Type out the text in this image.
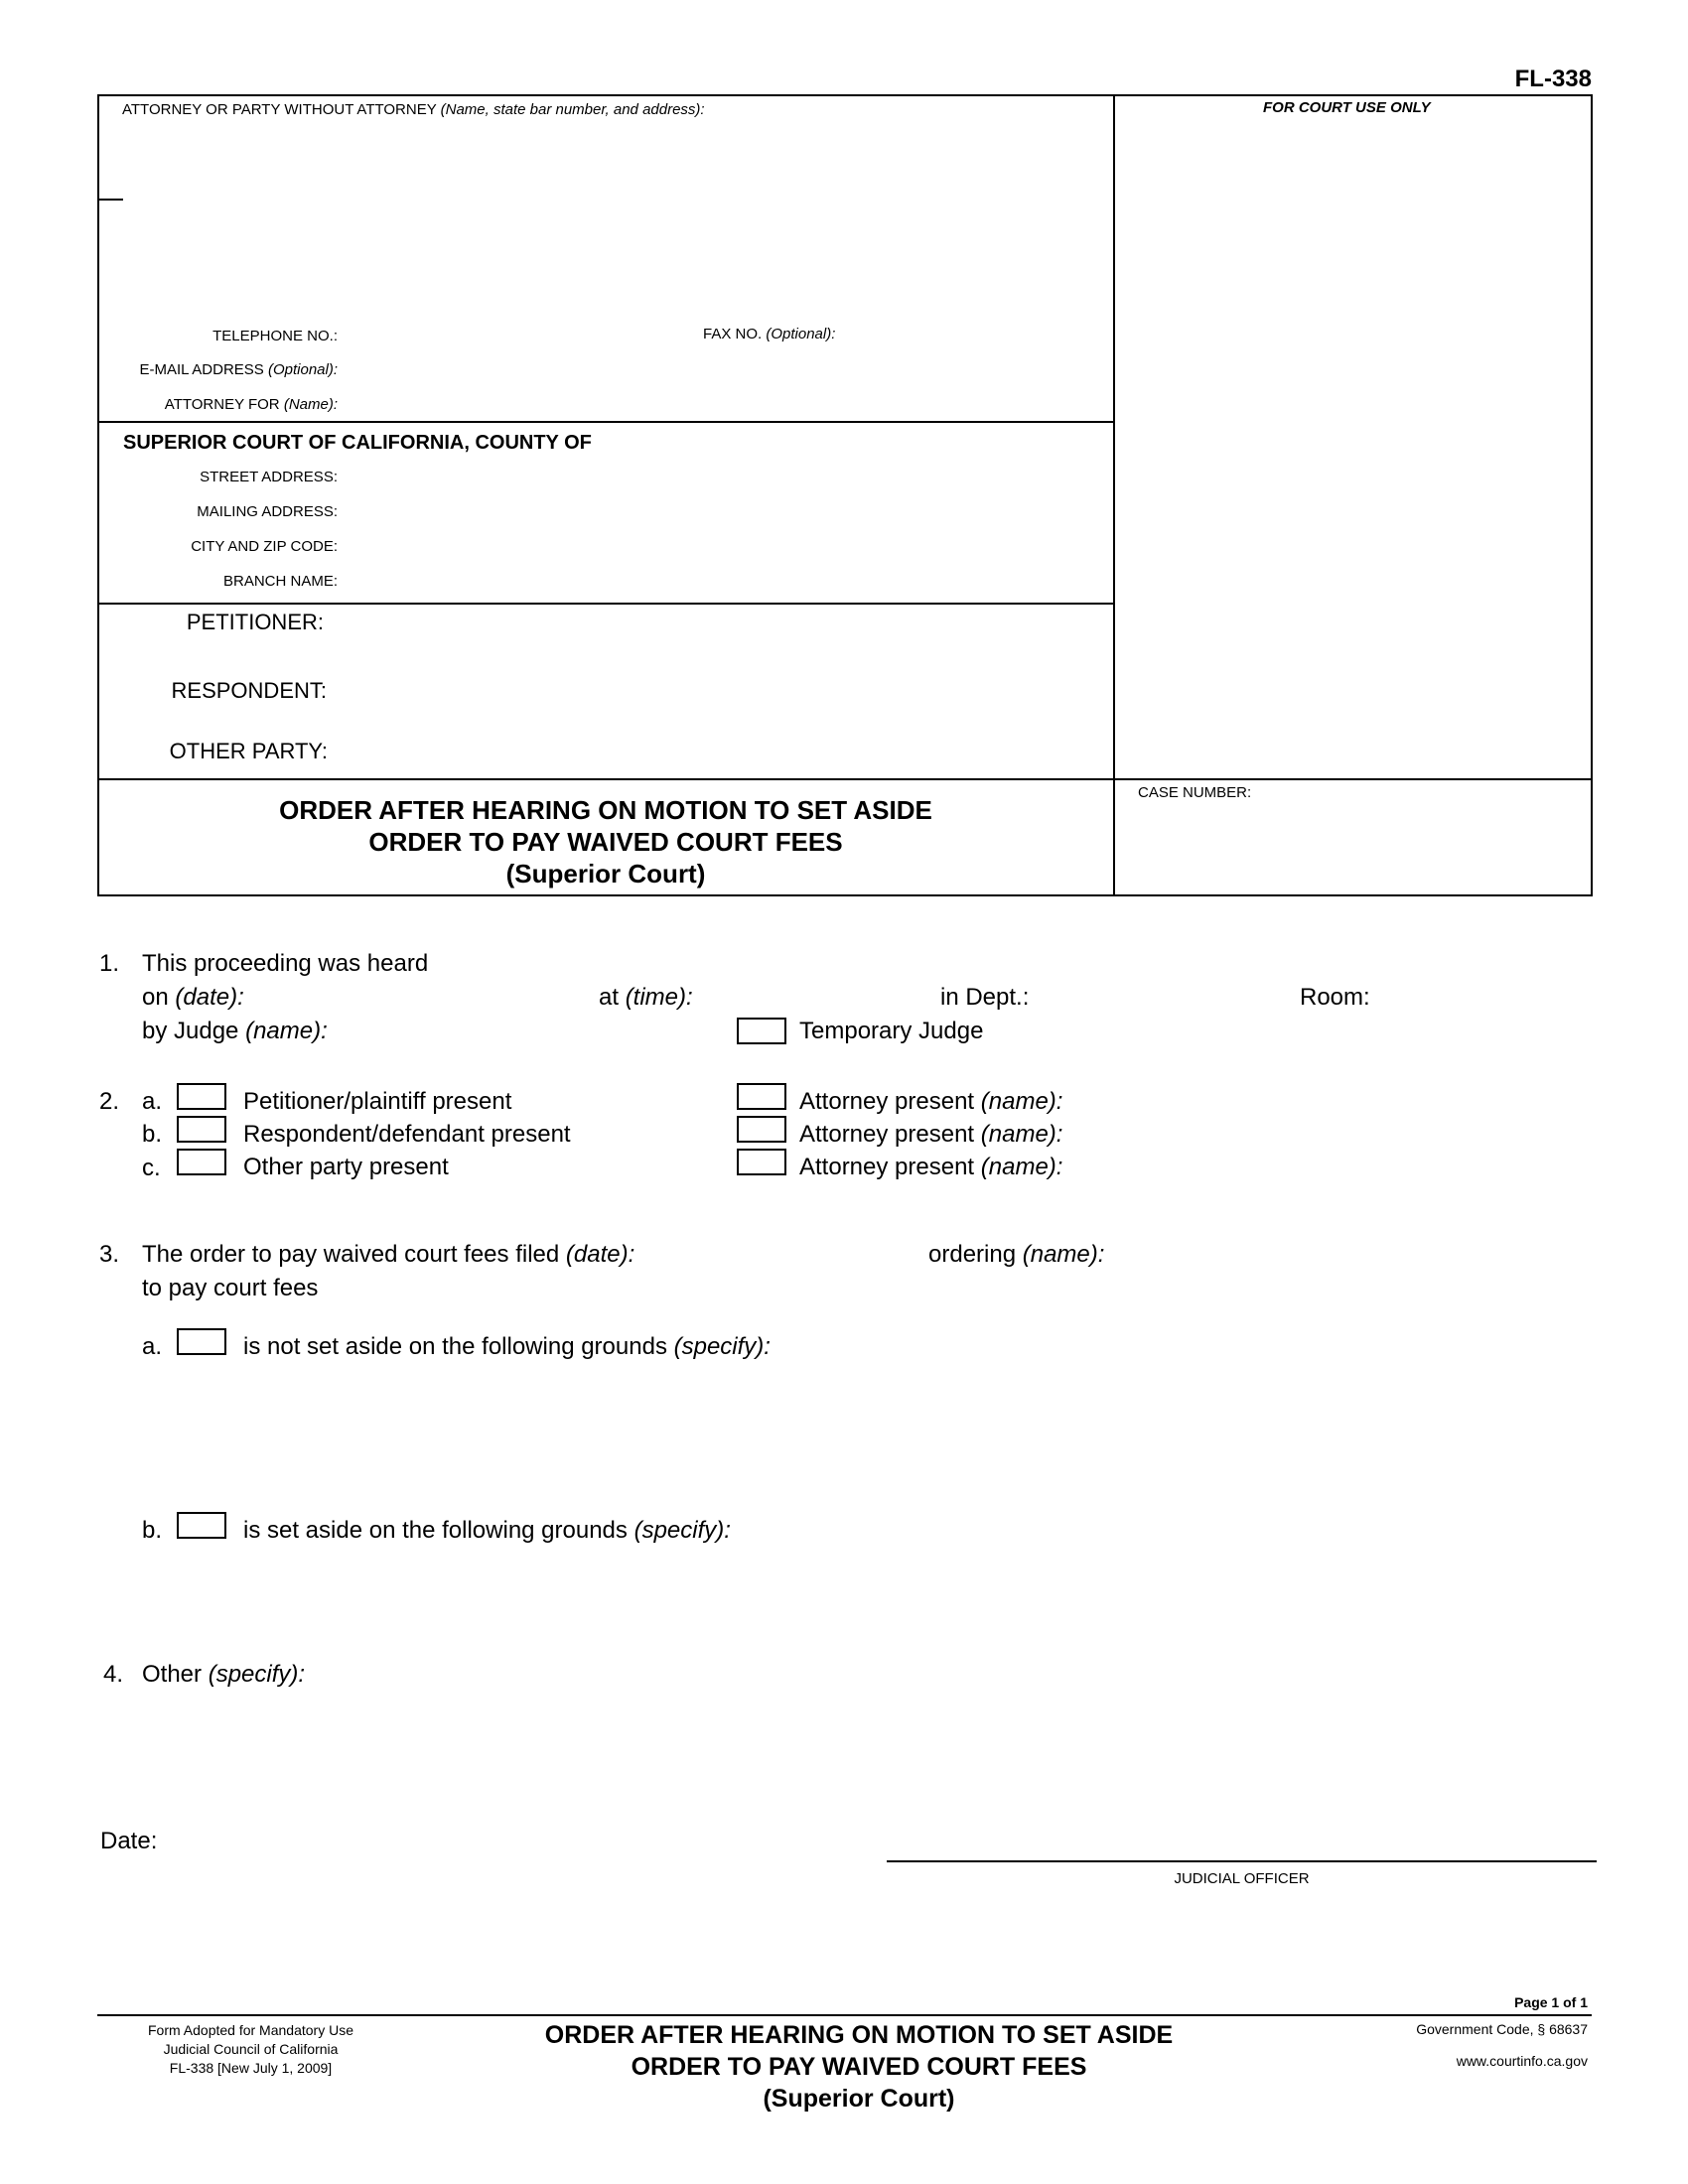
FL-338
ATTORNEY OR PARTY WITHOUT ATTORNEY (Name, state bar number, and address):	FOR COURT USE ONLY
TELEPHONE NO.:	FAX NO. (Optional):
E-MAIL ADDRESS (Optional):
ATTORNEY FOR (Name):
SUPERIOR COURT OF CALIFORNIA, COUNTY OF
STREET ADDRESS:
MAILING ADDRESS:
CITY AND ZIP CODE:
BRANCH NAME:
PETITIONER:
RESPONDENT:
OTHER PARTY:
ORDER AFTER HEARING ON MOTION TO SET ASIDE
ORDER TO PAY WAIVED COURT FEES
(Superior Court)
CASE NUMBER:
1. This proceeding was heard
on (date):	at (time):	in Dept.:	Room:
by Judge (name):	Temporary Judge
2. a.	Petitioner/plaintiff present	Attorney present (name):
b.	Respondent/defendant present	Attorney present (name):
c.	Other party present	Attorney present (name):
3. The order to pay waived court fees filed (date):	ordering (name):
to pay court fees
a.	is not set aside on the following grounds (specify):
b.	is set aside on the following grounds (specify):
4. Other (specify):
Date:
JUDICIAL OFFICER
Page 1 of 1
Form Adopted for Mandatory Use
Judicial Council of California
FL-338 [New July 1, 2009]
ORDER AFTER HEARING ON MOTION TO SET ASIDE
ORDER TO PAY WAIVED COURT FEES
(Superior Court)
Government Code, § 68637
www.courtinfo.ca.gov
